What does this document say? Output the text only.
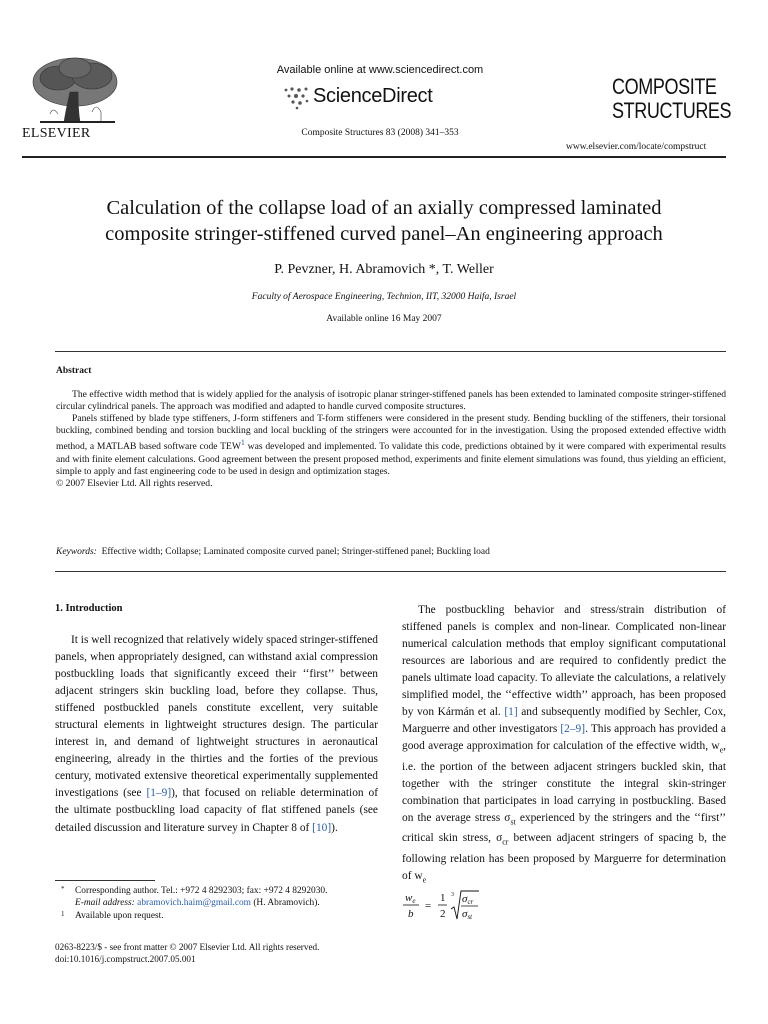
ELSEVIER
Available online at www.sciencedirect.com
ScienceDirect
Composite Structures 83 (2008) 341–353
COMPOSITE
STRUCTURES
www.elsevier.com/locate/compstruct
Calculation of the collapse load of an axially compressed laminated
composite stringer-stiffened curved panel–An engineering approach
P. Pevzner, H. Abramovich *, T. Weller
Faculty of Aerospace Engineering, Technion, IIT, 32000 Haifa, Israel
Available online 16 May 2007
Abstract

The effective width method that is widely applied for the analysis of isotropic planar stringer-stiffened panels has been extended to laminated composite stringer-stiffened circular cylindrical panels. The approach was modified and adapted to handle curved composite structures.

Panels stiffened by blade type stiffeners, J-form stiffeners and T-form stiffeners were considered in the present study. Bending buckling of the stiffeners, their torsional buckling, combined bending and torsion buckling and local buckling of the stringers were accounted for in the investigation. Using the proposed extended effective width method, a MATLAB based software code TEW$^1$ was developed and implemented. To validate this code, predictions obtained by it were compared with experimental results and with finite element calculations. Good agreement between the present proposed method, experiments and finite element simulations was found, thus yielding an efficient, simple to apply and fast engineering code to be used in design and optimization stages.

© 2007 Elsevier Ltd. All rights reserved.

Keywords: Effective width; Collapse; Laminated composite curved panel; Stringer-stiffened panel; Buckling load
1. Introduction

It is well recognized that relatively widely spaced stringer-stiffened panels, when appropriately designed, can withstand axial compression postbuckling loads that significantly exceed their ‘‘first’’ between adjacent stringers skin buckling load, before they collapse. Thus, stiffened postbuckled panels constitute excellent, very suitable structural elements in lightweight structures design. The particular interest in, and demand of lightweight structures in aeronautical engineering, already in the thirties and the forties of the previous century, motivated extensive theoretical experimentally supplemented investigations (see [1–9]), that focused on reliable determination of the ultimate postbuckling load capacity of flat stiffened panels (see detailed discussion and literature survey in Chapter 8 of [10]).

The postbuckling behavior and stress/strain distribution of stiffened panels is complex and non-linear. Complicated non-linear numerical calculation methods that employ significant computational resources are laborious and are required to confidently predict the panels ultimate load capacity. To alleviate the calculations, a relatively simplified model, the ‘‘effective width’’ approach, has been proposed by von Kármán et al. [1] and subsequently modified by Sechler, Cox, Marguerre and other investigators [2–9]. This approach has provided a good average approximation for calculation of the effective width, $w_e$, i.e. the portion of the between adjacent stringers buckled skin, that together with the stringer constitute the integral skin-stringer combination that participates in load carrying in postbuckling. Based on the average stress $\sigma_{st}$ experienced by the stringers and the ‘‘first’’ critical skin stress, $\sigma_{cr}$ between adjacent stringers of spacing b, the following relation has been proposed by Marguerre for determination of $w_e$

* Corresponding author. Tel.: +972 4 8292303; fax: +972 4 8292030.
E-mail address: abramovich.haim@gmail.com (H. Abramovich).
1 Available upon request.
0263-8223/$ - see front matter © 2007 Elsevier Ltd. All rights reserved.
doi:10.1016/j.compstruct.2007.05.001
we
b
=
1
2
3 σcr
σst
